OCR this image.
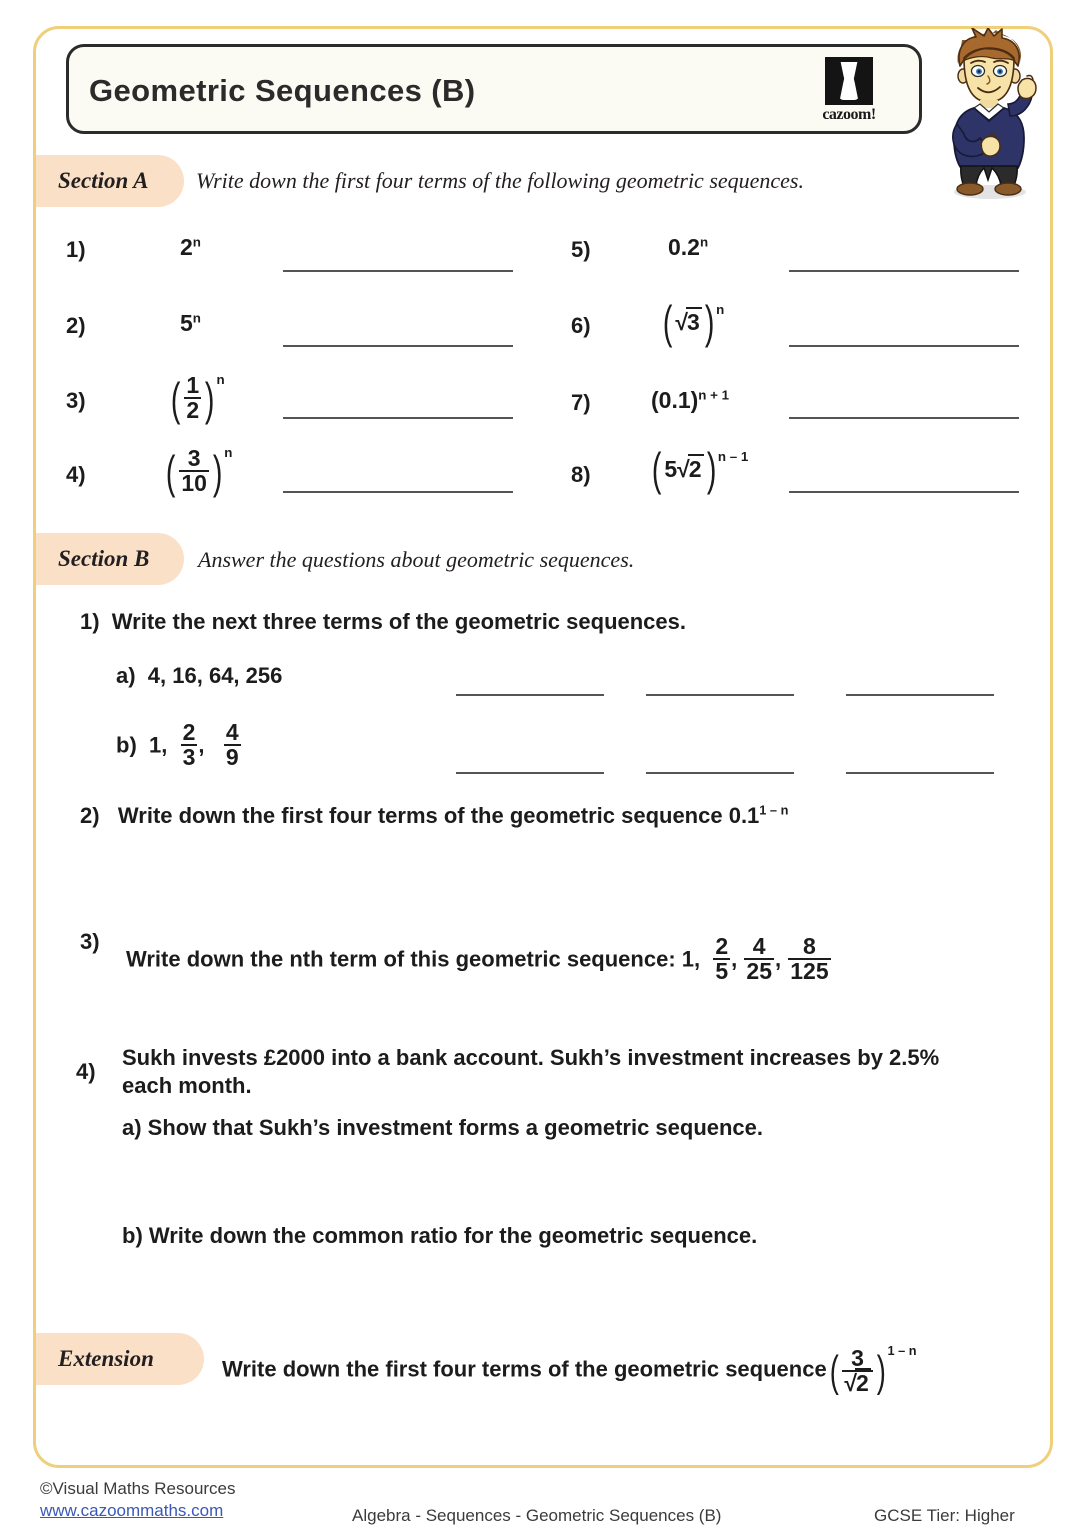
Geometric Sequences (B)
cazoom!
Section A Write down the first four terms of the following geometric sequences.
1)	2$^n$
2)	5$^n$
3) ( $\frac{1}{2}$ ) n
4) ( $\frac{3}{10}$ ) n
5)	0.2$^n$
6) ( √3 ) n
7)	$(0.1)^{n + 1}$
8) ( 5 √2 ) n – 1
Section B Answer the questions about geometric sequences.
1) Write the next three terms of the geometric sequences.
a) 4, 16, 64, 256
b) 1, $\frac{2}{3}$ , $\frac{4}{9}$
2) Write down the first four terms of the geometric sequence 0.1$^{1 - n}$
3)
Write down the nth term of this geometric sequence: 1, $\frac{2}{5}$ , $\frac{4}{25}$ , $\frac{8}{125}$
4)
Sukh invests £2000 into a bank account. Sukh’s investment increases by 2.5% each month.
a) Show that Sukh’s investment forms a geometric sequence.
b) Write down the common ratio for the geometric sequence.
Extension	Write down the first four terms of the geometric sequence ( $\frac{3}{√2}$ ) 1 – n
©Visual Maths Resources
www.cazoommaths.com	Algebra - Sequences - Geometric Sequences (B)	GCSE Tier: Higher
